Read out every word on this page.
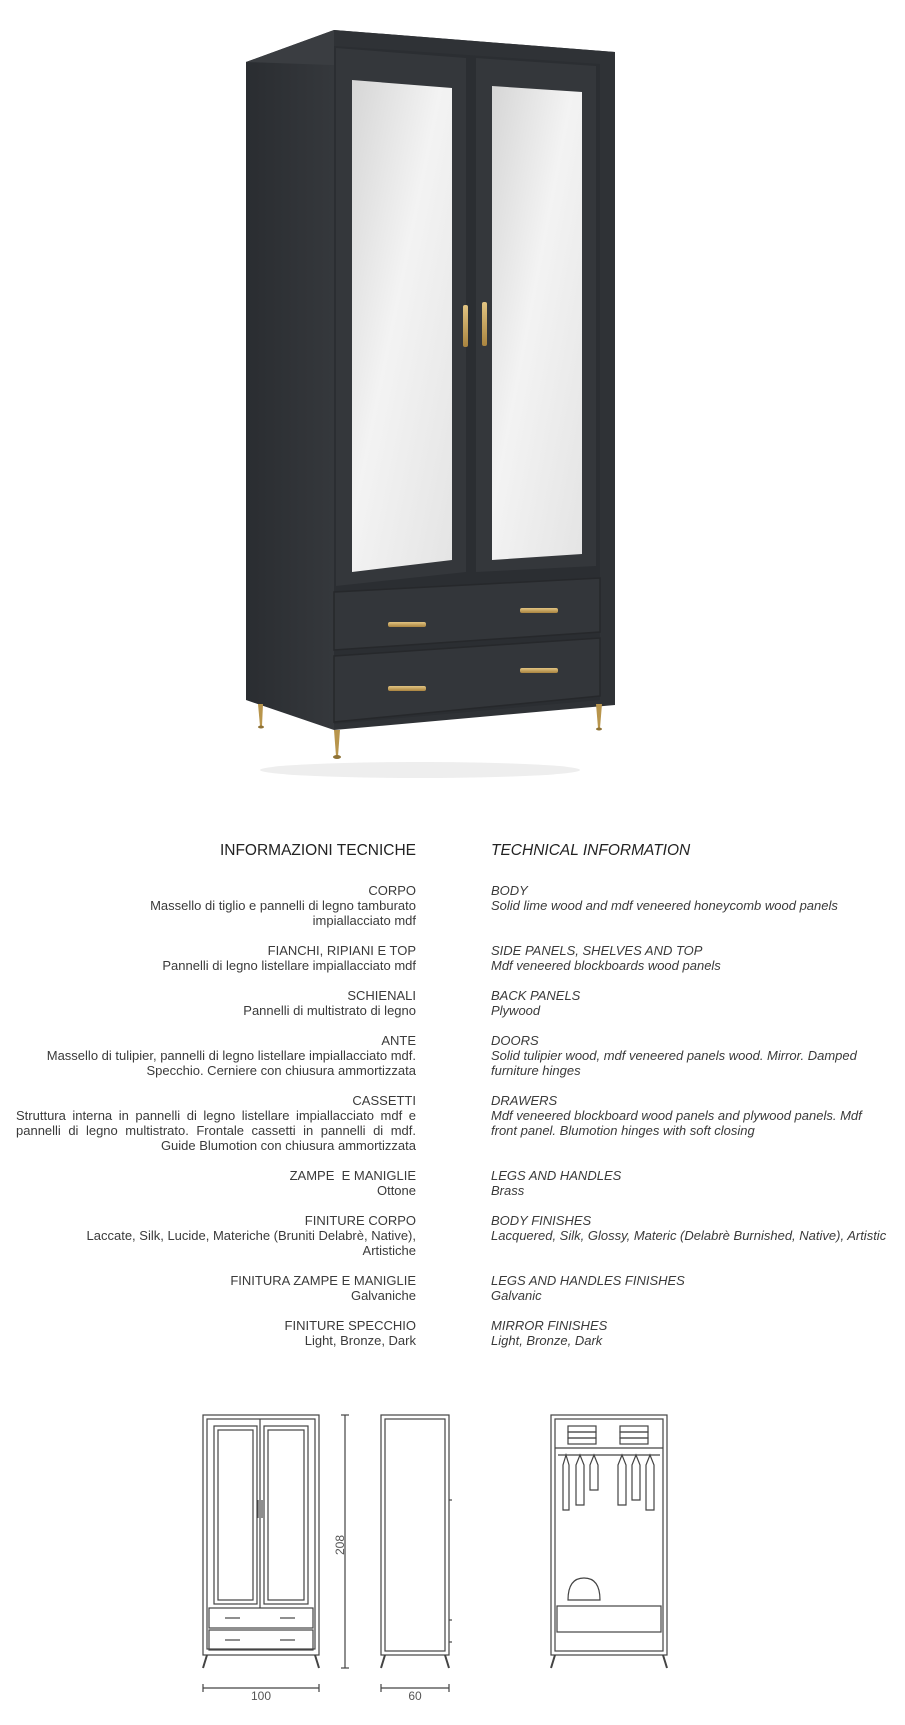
INFORMAZIONI TECNICHE	TECHNICAL INFORMATION
CORPO
Massello di tiglio e pannelli di legno tamburato impiallacciato mdf
BODY
Solid lime wood and mdf veneered honeycomb wood panels
FIANCHI, RIPIANI E TOP
Pannelli di legno listellare impiallacciato mdf
SIDE PANELS, SHELVES AND TOP
Mdf veneered blockboards wood panels
SCHIENALI
Pannelli di multistrato di legno
BACK PANELS
Plywood
ANTE
Massello di tulipier, pannelli di legno listellare impiallacciato mdf. Specchio. Cerniere con chiusura ammortizzata
DOORS
Solid tulipier wood, mdf veneered panels wood. Mirror. Damped furniture hinges
CASSETTI
Struttura interna in pannelli di legno listellare impiallacciato mdf e pannelli di legno multistrato. Frontale cassetti in pannelli di mdf. Guide Blumotion con chiusura ammortizzata
DRAWERS
Mdf veneered blockboard wood panels and plywood panels. Mdf front panel. Blumotion hinges with soft closing
ZAMPE  E MANIGLIE
Ottone
LEGS AND HANDLES
Brass
FINITURE CORPO
Laccate, Silk, Lucide, Materiche (Bruniti Delabrè, Native), Artistiche
BODY FINISHES
Lacquered, Silk, Glossy, Materic (Delabrè Burnished, Native), Artistic
FINITURA ZAMPE E MANIGLIE
Galvaniche
LEGS AND HANDLES FINISHES
Galvanic
FINITURE SPECCHIO
Light, Bronze, Dark
MIRROR FINISHES
Light, Bronze, Dark
208
100	60
